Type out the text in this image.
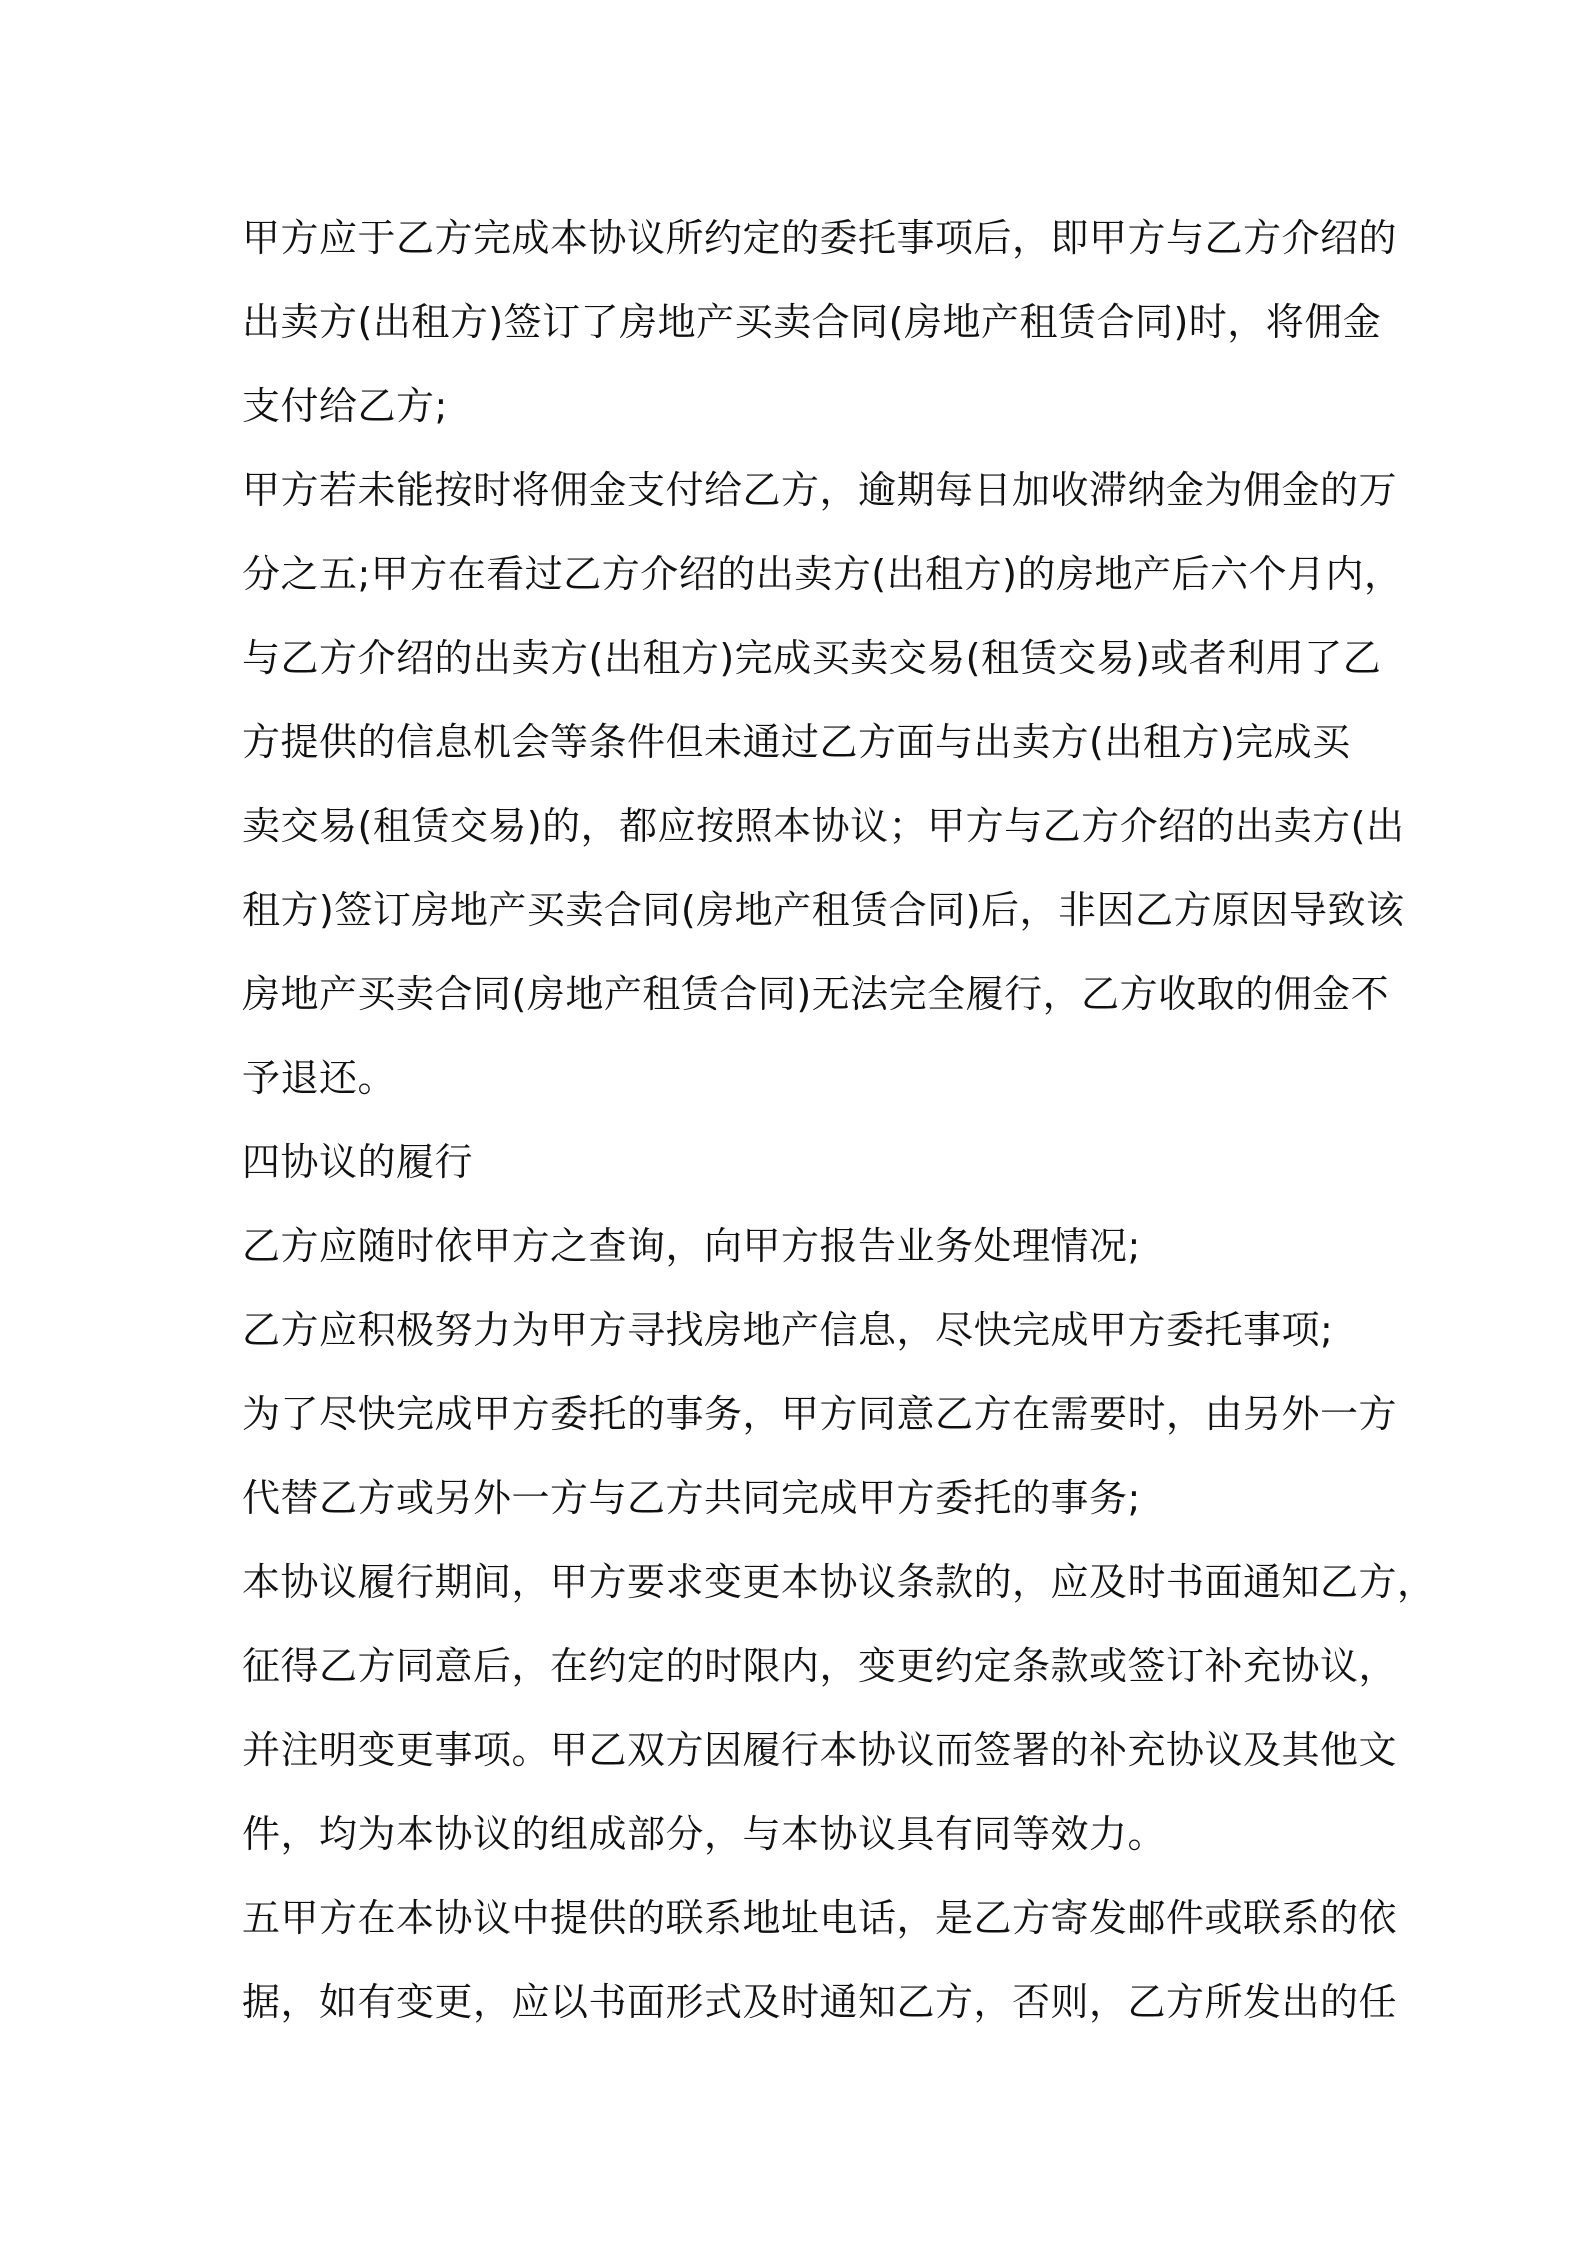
甲方应于乙方完成本协议所约定的委托事项后，即甲方与乙方介绍的
出卖方(出租方)签订了房地产买卖合同(房地产租赁合同)时，将佣金
支付给乙方;
甲方若未能按时将佣金支付给乙方，逾期每日加收滞纳金为佣金的万
分之五;甲方在看过乙方介绍的出卖方(出租方)的房地产后六个月内，
与乙方介绍的出卖方(出租方)完成买卖交易(租赁交易)或者利用了乙
方提供的信息机会等条件但未通过乙方面与出卖方(出租方)完成买
卖交易(租赁交易)的，都应按照本协议；甲方与乙方介绍的出卖方(出
租方)签订房地产买卖合同(房地产租赁合同)后，非因乙方原因导致该
房地产买卖合同(房地产租赁合同)无法完全履行，乙方收取的佣金不
予退还。
四协议的履行
乙方应随时依甲方之查询，向甲方报告业务处理情况;
乙方应积极努力为甲方寻找房地产信息，尽快完成甲方委托事项;
为了尽快完成甲方委托的事务，甲方同意乙方在需要时，由另外一方
代替乙方或另外一方与乙方共同完成甲方委托的事务;
本协议履行期间，甲方要求变更本协议条款的，应及时书面通知乙方，
征得乙方同意后，在约定的时限内，变更约定条款或签订补充协议，
并注明变更事项。甲乙双方因履行本协议而签署的补充协议及其他文
件，均为本协议的组成部分，与本协议具有同等效力。
五甲方在本协议中提供的联系地址电话，是乙方寄发邮件或联系的依
据，如有变更，应以书面形式及时通知乙方，否则，乙方所发出的任
